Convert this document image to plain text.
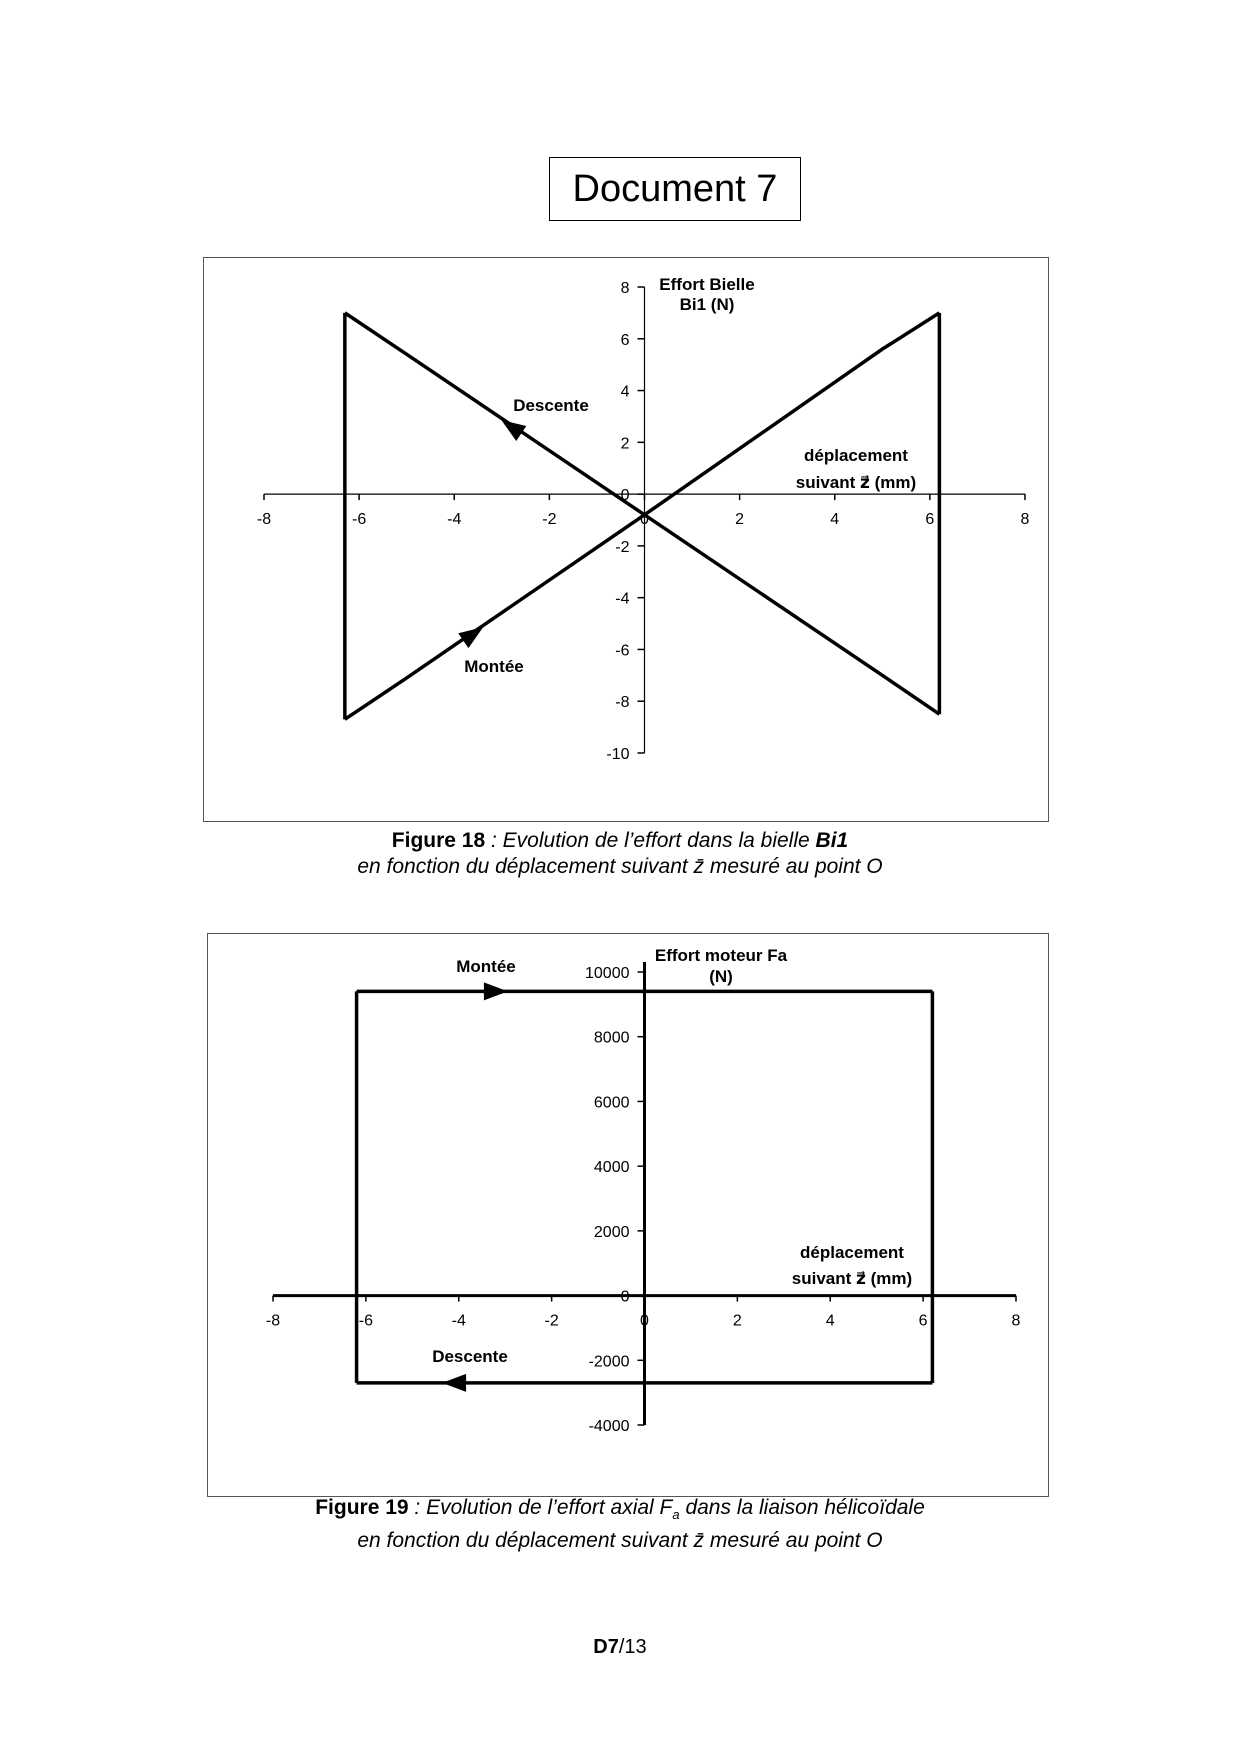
Document 7
-8	-6	-4	-2	0	2	4	6	8
-10
-8
-6
-4
-2
0
2
4
6
8
Descente
Montée
Effort Bielle
Bi1 (N)
déplacement
suivant z⃗ (mm)
-8	-6	-4	-2	0	2	4	6	8
-4000
-2000
0
2000
4000
6000
8000
10000
Montée
Descente
Effort moteur Fa
(N)
déplacement
suivant z⃗ (mm)
Figure 18 : Evolution de l’effort dans la bielle Bi1
en fonction du déplacement suivant z̄ mesuré au point O
Figure 19 : Evolution de l’effort axial $F_a$ dans la liaison hélicoïdale
en fonction du déplacement suivant z̄ mesuré au point O
D7/13
